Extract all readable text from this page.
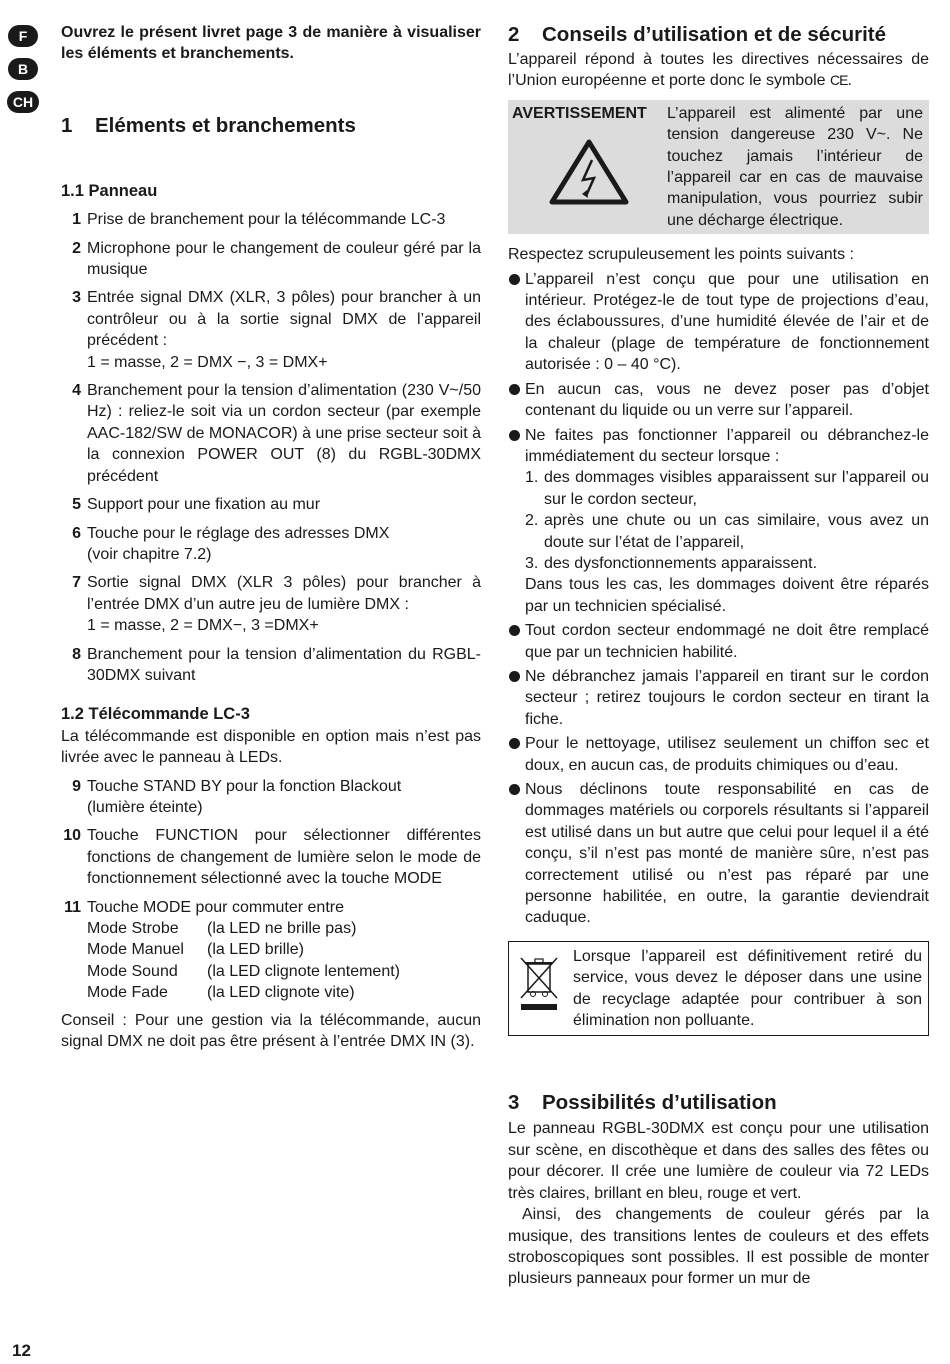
F
B
CH

Ouvrez le présent livret page 3 de manière à visualiser les éléments et branchements.

1 Eléments et branchements
1.1 Panneau
1 Prise de branchement pour la télécommande LC-3
2 Microphone pour le changement de couleur géré par la musique
3 Entrée signal DMX (XLR, 3 pôles) pour brancher à un contrôleur ou à la sortie signal DMX de l’appareil précédent :
1 = masse, 2 = DMX −, 3 = DMX+
4 Branchement pour la tension d’alimentation (230 V~/50 Hz) : reliez-le soit via un cordon secteur (par exemple AAC-182/SW de MONACOR) à une prise secteur soit à la connexion POWER OUT (8) du RGBL-30DMX précédent
5 Support pour une fixation au mur
6 Touche pour le réglage des adresses DMX
(voir chapitre 7.2)
7 Sortie signal DMX (XLR 3 pôles) pour brancher à l’entrée DMX d’un autre jeu de lumière DMX :
1 = masse, 2 = DMX−, 3 =DMX+
8 Branchement pour la tension d’alimentation du RGBL-30DMX suivant
1.2 Télécommande LC-3

La télécommande est disponible en option mais n’est pas livrée avec le panneau à LEDs.

9 Touche STAND BY pour la fonction Blackout
(lumière éteinte)
10 Touche FUNCTION pour sélectionner différentes fonctions de changement de lumière selon le mode de fonctionnement sélectionné avec la touche MODE
11 Touche MODE pour commuter entre
Mode Strobe	(la LED ne brille pas)
Mode Manuel	(la LED brille)
Mode Sound	(la LED clignote lentement)
Mode Fade	(la LED clignote vite)

Conseil : Pour une gestion via la télécommande, aucun signal DMX ne doit pas être présent à l’entrée DMX IN (3).

2 Conseils d’utilisation et de sécurité

L’appareil répond à toutes les directives nécessaires de l’Union européenne et porte donc le symbole CE.

AVERTISSEMENT	L’appareil est alimenté par une tension dangereuse 230 V~. Ne touchez jamais l’intérieur de l’appareil car en cas de mauvaise manipulation, vous pourriez subir une décharge électrique.

Respectez scrupuleusement les points suivants :

L’appareil n’est conçu que pour une utilisation en intérieur. Protégez-le de tout type de projections d’eau, des éclaboussures, d’une humidité élevée de l’air et de la chaleur (plage de température de fonctionnement autorisée : 0 – 40 °C).
En aucun cas, vous ne devez poser pas d’objet contenant du liquide ou un verre sur l’appareil.
Ne faites pas fonctionner l’appareil ou débranchez-le immédiatement du secteur lorsque :
1. des dommages visibles apparaissent sur l’appareil ou sur le cordon secteur,
2. après une chute ou un cas similaire, vous avez un doute sur l’état de l’appareil,
3. des dysfonctionnements apparaissent.
Dans tous les cas, les dommages doivent être réparés par un technicien spécialisé.
Tout cordon secteur endommagé ne doit être remplacé que par un technicien habilité.
Ne débranchez jamais l’appareil en tirant sur le cordon secteur ; retirez toujours le cordon secteur en tirant la fiche.
Pour le nettoyage, utilisez seulement un chiffon sec et doux, en aucun cas, de produits chimiques ou d’eau.
Nous déclinons toute responsabilité en cas de dommages matériels ou corporels résultants si l’appareil est utilisé dans un but autre que celui pour lequel il a été conçu, s’il n’est pas monté de manière sûre, n’est pas correctement utilisé ou n’est pas réparé par une personne habilitée, en outre, la garantie deviendrait caduque.
Lorsque l’appareil est définitivement retiré du service, vous devez le déposer dans une usine de recyclage adaptée pour contribuer à son élimination non polluante.
3 Possibilités d’utilisation

Le panneau RGBL-30DMX est conçu pour une utilisation sur scène, en discothèque et dans des salles des fêtes ou pour décorer. Il crée une lumière de couleur via 72 LEDs très claires, brillant en bleu, rouge et vert.

Ainsi, des changements de couleur gérés par la musique, des transitions lentes de couleurs et des effets stroboscopiques sont possibles. Il est possible de monter plusieurs panneaux pour former un mur de

12
